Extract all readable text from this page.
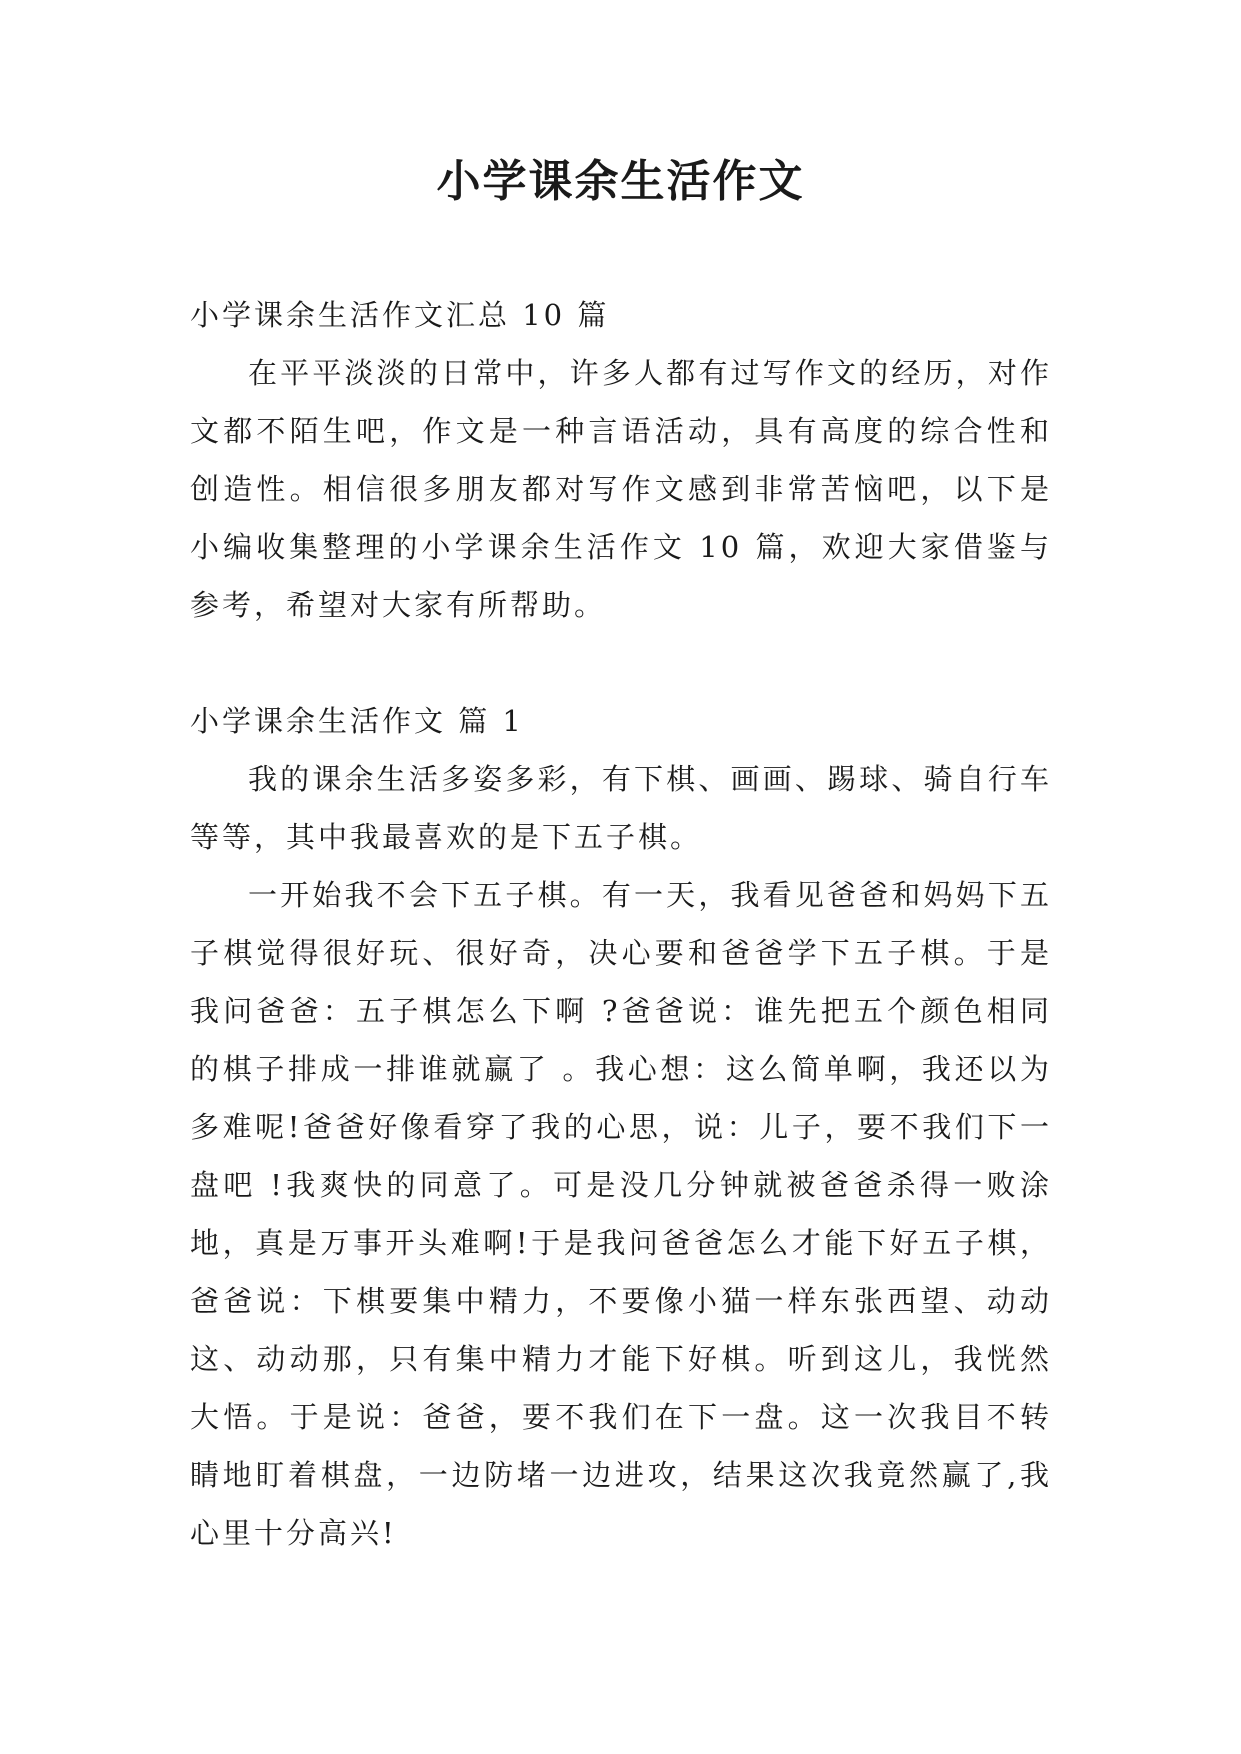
小学课余生活作文

小学课余生活作文汇总 10 篇

在平平淡淡的日常中，许多人都有过写作文的经历，对作文都不陌生吧，作文是一种言语活动，具有高度的综合性和创造性。相信很多朋友都对写作文感到非常苦恼吧，以下是小编收集整理的小学课余生活作文 10 篇，欢迎大家借鉴与参考，希望对大家有所帮助。

小学课余生活作文 篇 1

我的课余生活多姿多彩，有下棋、画画、踢球、骑自行车等等，其中我最喜欢的是下五子棋。

一开始我不会下五子棋。有一天，我看见爸爸和妈妈下五子棋觉得很好玩、很好奇，决心要和爸爸学下五子棋。于是我问爸爸：五子棋怎么下啊 ?爸爸说：谁先把五个颜色相同的棋子排成一排谁就赢了 。我心想：这么简单啊，我还以为多难呢!爸爸好像看穿了我的心思，说：儿子，要不我们下一盘吧 !我爽快的同意了。可是没几分钟就被爸爸杀得一败涂地，真是万事开头难啊!于是我问爸爸怎么才能下好五子棋，爸爸说：下棋要集中精力，不要像小猫一样东张西望、动动这、动动那，只有集中精力才能下好棋。听到这儿，我恍然大悟。于是说：爸爸，要不我们在下一盘。这一次我目不转睛地盯着棋盘，一边防堵一边进攻，结果这次我竟然赢了,我心里十分高兴!
